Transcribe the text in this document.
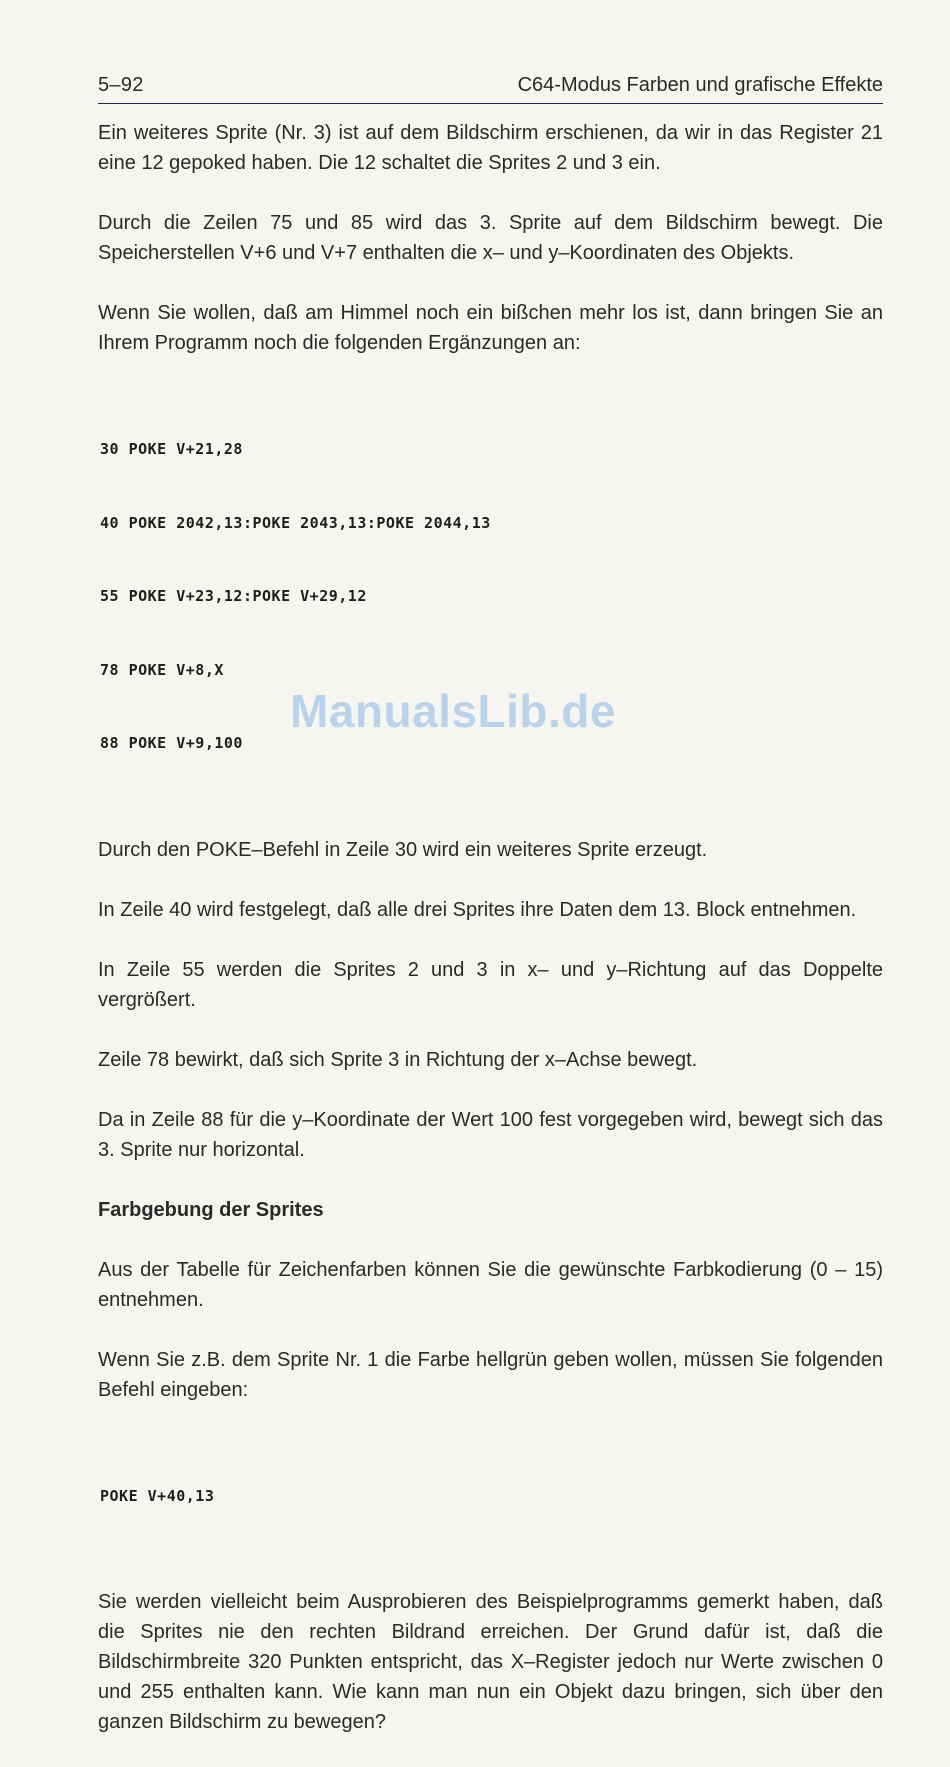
5–92	C64-Modus Farben und grafische Effekte

Ein weiteres Sprite (Nr. 3) ist auf dem Bildschirm erschienen, da wir in das Register 21 eine 12 gepoked haben. Die 12 schaltet die Sprites 2 und 3 ein.

Durch die Zeilen 75 und 85 wird das 3. Sprite auf dem Bildschirm bewegt. Die Speicherstellen V+6 und V+7 enthalten die x– und y–Koordinaten des Objekts.

Wenn Sie wollen, daß am Himmel noch ein bißchen mehr los ist, dann bringen Sie an Ihrem Programm noch die folgenden Ergänzungen an:

30 POKE V+21,28

40 POKE 2042,13:POKE 2043,13:POKE 2044,13

55 POKE V+23,12:POKE V+29,12

78 POKE V+8,X

88 POKE V+9,100

Durch den POKE–Befehl in Zeile 30 wird ein weiteres Sprite erzeugt.

In Zeile 40 wird festgelegt, daß alle drei Sprites ihre Daten dem 13. Block entnehmen.

In Zeile 55 werden die Sprites 2 und 3 in x– und y–Richtung auf das Doppelte vergrößert.

Zeile 78 bewirkt, daß sich Sprite 3 in Richtung der x–Achse bewegt.

Da in Zeile 88 für die y–Koordinate der Wert 100 fest vorgegeben wird, bewegt sich das 3. Sprite nur horizontal.

Farbgebung der Sprites

Aus der Tabelle für Zeichenfarben können Sie die gewünschte Farbkodierung (0 – 15) entnehmen.

Wenn Sie z.B. dem Sprite Nr. 1 die Farbe hellgrün geben wollen, müssen Sie folgenden Befehl eingeben:

POKE V+40,13

Sie werden vielleicht beim Ausprobieren des Beispielprogramms gemerkt haben, daß die Sprites nie den rechten Bildrand erreichen. Der Grund dafür ist, daß die Bildschirmbreite 320 Punkten entspricht, das X–Register jedoch nur Werte zwischen 0 und 255 enthalten kann. Wie kann man nun ein Objekt dazu bringen, sich über den ganzen Bildschirm zu bewegen?

ManualsLib.de
